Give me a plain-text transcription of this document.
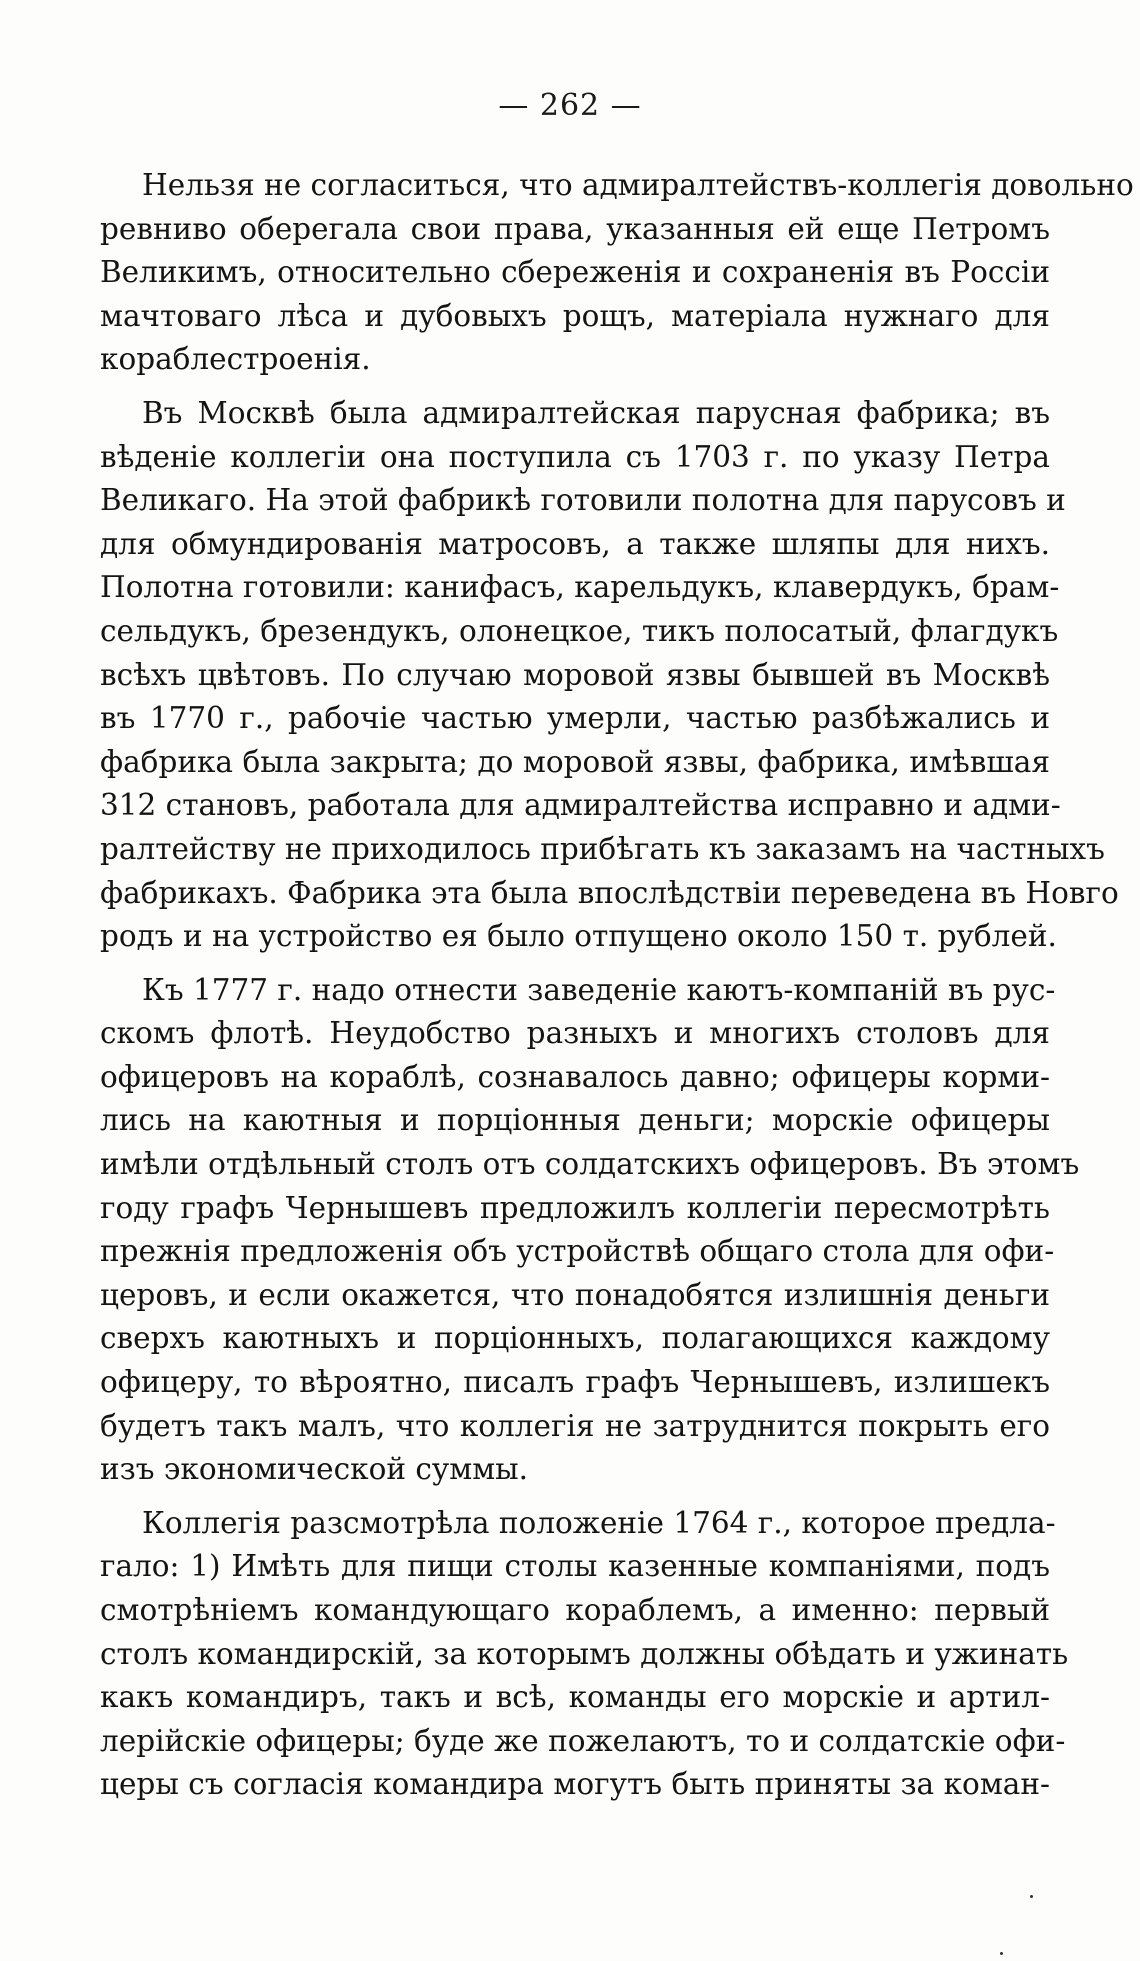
— 262 —
Нельзя не согласиться, что адмиралтействъ-коллегія довольно
ревниво оберегала свои права, указанныя ей еще Петромъ
Великимъ, относительно сбереженія и сохраненія въ Россіи
мачтоваго лѣса и дубовыхъ рощъ, матеріала нужнаго для
кораблестроенія.
Въ Москвѣ была адмиралтейская парусная фабрика; въ
вѣденіе коллегіи она поступила съ 1703 г. по указу Петра
Великаго. На этой фабрикѣ готовили полотна для парусовъ и
для обмундированія матросовъ, а также шляпы для нихъ.
Полотна готовили: канифасъ, карельдукъ, клавердукъ, брам-
сельдукъ, брезендукъ, олонецкое, тикъ полосатый, флагдукъ
всѣхъ цвѣтовъ. По случаю моровой язвы бывшей въ Москвѣ
въ 1770 г., рабочіе частью умерли, частью разбѣжались и
фабрика была закрыта; до моровой язвы, фабрика, имѣвшая
312 становъ, работала для адмиралтейства исправно и адми-
ралтейству не приходилось прибѣгать къ заказамъ на частныхъ
фабрикахъ. Фабрика эта была впослѣдствіи переведена въ Новго
родъ и на устройство ея было отпущено около 150 т. рублей.
Къ 1777 г. надо отнести заведеніе каютъ-компаній въ рус-
скомъ флотѣ. Неудобство разныхъ и многихъ столовъ для
офицеровъ на кораблѣ, сознавалось давно; офицеры корми-
лись на каютныя и порціонныя деньги; морскіе офицеры
имѣли отдѣльный столъ отъ солдатскихъ офицеровъ. Въ этомъ
году графъ Чернышевъ предложилъ коллегіи пересмотрѣть
прежнія предложенія объ устройствѣ общаго стола для офи-
церовъ, и если окажется, что понадобятся излишнія деньги
сверхъ каютныхъ и порціонныхъ, полагающихся каждому
офицеру, то вѣроятно, писалъ графъ Чернышевъ, излишекъ
будетъ такъ малъ, что коллегія не затруднится покрыть его
изъ экономической суммы.
Коллегія разсмотрѣла положеніе 1764 г., которое предла-
гало: 1) Имѣть для пищи столы казенные компаніями, подъ
смотрѣніемъ командующаго кораблемъ, а именно: первый
столъ командирскій, за которымъ должны обѣдать и ужинать
какъ командиръ, такъ и всѣ, команды его морскіе и артил-
лерійскіе офицеры; буде же пожелаютъ, то и солдатскіе офи-
церы съ согласія командира могутъ быть приняты за коман-
